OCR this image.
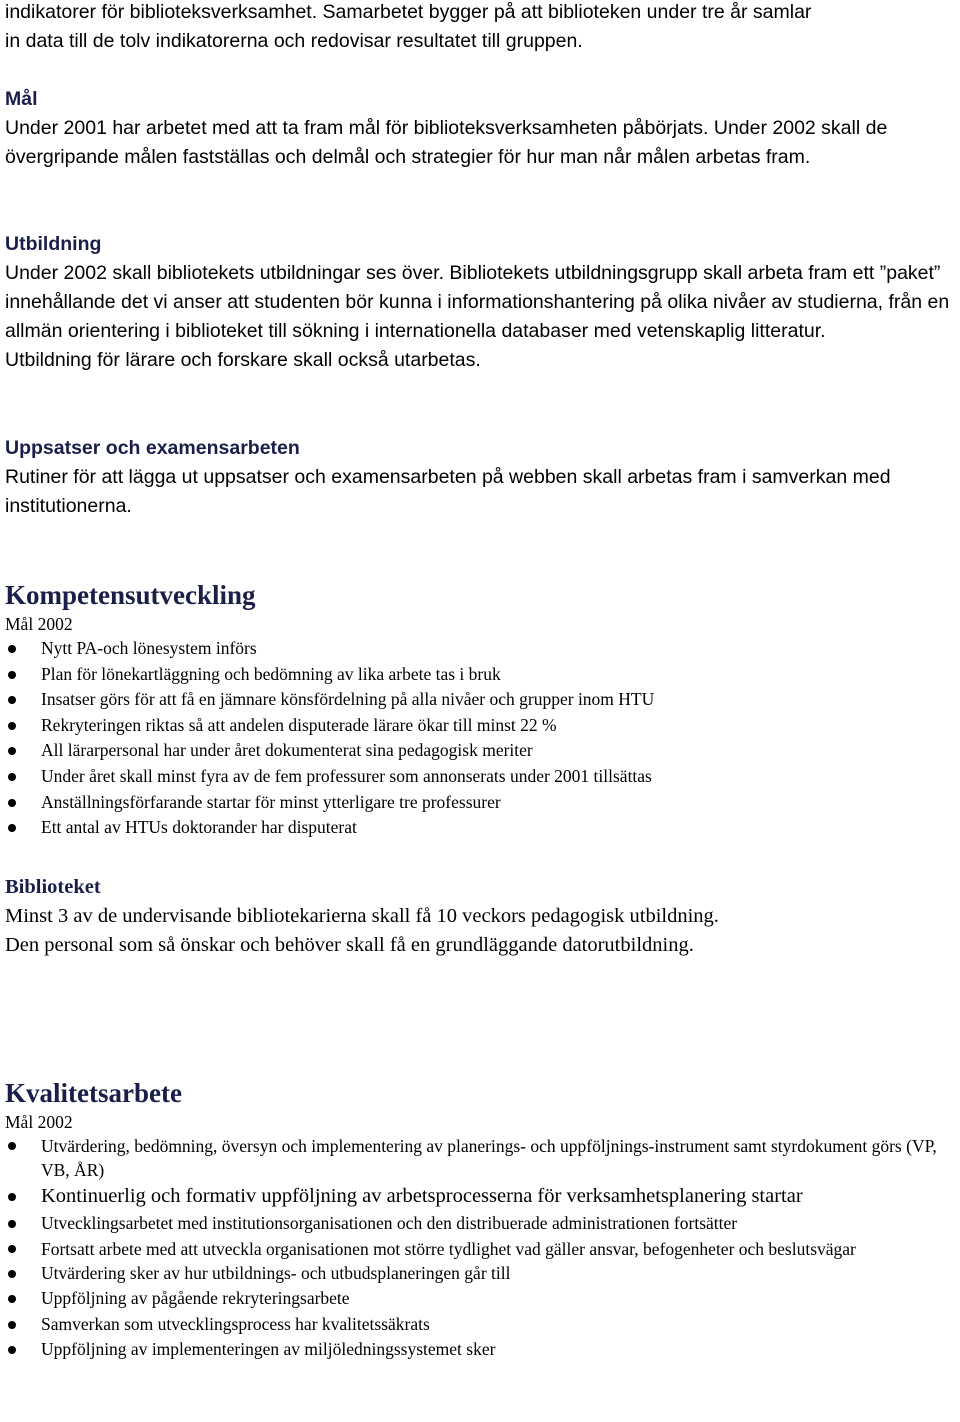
indikatorer för biblioteksverksamhet. Samarbetet bygger på att biblioteken under tre år samlar

in data till de tolv indikatorerna och redovisar resultatet till gruppen.

Mål

Under 2001 har arbetet med att ta fram mål för biblioteksverksamheten påbörjats. Under 2002 skall de övergripande målen fastställas och delmål och strategier för hur man når målen arbetas fram.

Utbildning

Under 2002 skall bibliotekets utbildningar ses över. Bibliotekets utbildningsgrupp skall arbeta fram ett ”paket” innehållande det vi anser att studenten bör kunna i informationshantering på olika nivåer av studierna, från en allmän orientering i biblioteket till sökning i internationella databaser med vetenskaplig litteratur.

Utbildning för lärare och forskare skall också utarbetas.

Uppsatser och examensarbeten

Rutiner för att lägga ut uppsatser och examensarbeten på webben skall arbetas fram i samverkan med institutionerna.

Kompetensutveckling

Mål 2002

Nytt PA-och lönesystem införs
Plan för lönekartläggning och bedömning av lika arbete tas i bruk
Insatser görs för att få en jämnare könsfördelning på alla nivåer och grupper inom HTU
Rekryteringen riktas så att andelen disputerade lärare ökar till minst 22 %
All lärarpersonal har under året dokumenterat sina pedagogisk meriter
Under året skall minst fyra av de fem professurer som annonserats under 2001 tillsättas
Anställningsförfarande startar för minst ytterligare tre professurer
Ett antal av HTUs doktorander har disputerat

Biblioteket

Minst 3 av de undervisande bibliotekarierna skall få 10 veckors pedagogisk utbildning.

Den personal som så önskar och behöver skall få en grundläggande datorutbildning.

Kvalitetsarbete

Mål 2002

Utvärdering, bedömning, översyn och implementering av planerings- och uppföljnings-instrument samt styrdokument görs (VP, VB, ÅR)
Kontinuerlig och formativ uppföljning av arbetsprocesserna för verksamhetsplanering startar
Utvecklingsarbetet med institutionsorganisationen och den distribuerade administrationen fortsätter
Fortsatt arbete med att utveckla organisationen mot större tydlighet vad gäller ansvar, befogenheter och beslutsvägar
Utvärdering sker av hur utbildnings- och utbudsplaneringen går till
Uppföljning av pågående rekryteringsarbete
Samverkan som utvecklingsprocess har kvalitetssäkrats
Uppföljning av implementeringen av miljöledningssystemet sker
